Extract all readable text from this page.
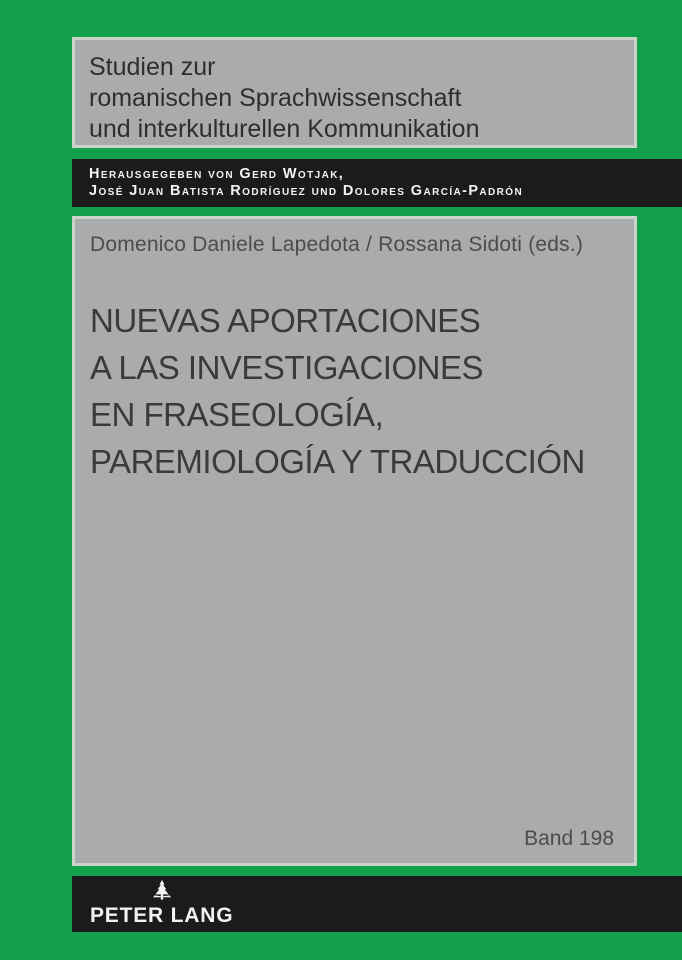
Studien zur
romanischen Sprachwissenschaft
und interkulturellen Kommunikation
Herausgegeben von Gerd Wotjak,
José Juan Batista Rodríguez und Dolores García-Padrón
Domenico Daniele Lapedota / Rossana Sidoti (eds.)
NUEVAS APORTACIONES
A LAS INVESTIGACIONES
EN FRASEOLOGÍA,
PAREMIOLOGÍA Y TRADUCCIÓN
Band 198
PETER LANG
